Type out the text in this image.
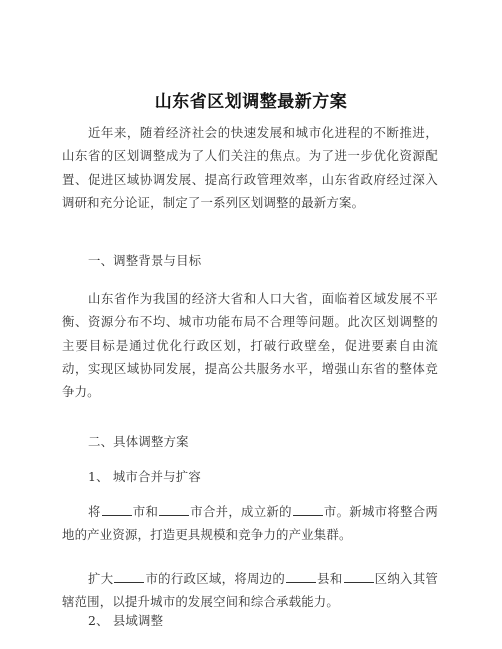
山东省区划调整最新方案

近年来，随着经济社会的快速发展和城市化进程的不断推进，山东省的区划调整成为了人们关注的焦点。为了进一步优化资源配置、促进区域协调发展、提高行政管理效率，山东省政府经过深入调研和充分论证，制定了一系列区划调整的最新方案。

一、调整背景与目标

山东省作为我国的经济大省和人口大省，面临着区域发展不平衡、资源分布不均、城市功能布局不合理等问题。此次区划调整的主要目标是通过优化行政区划，打破行政壁垒，促进要素自由流动，实现区域协同发展，提高公共服务水平，增强山东省的整体竞争力。

二、具体调整方案
1、 城市合并与扩容

将	市和	市合并，成立新的	市。新城市将整合两地的产业资源，打造更具规模和竞争力的产业集群。

扩大	市的行政区域，将周边的	县和	区纳入其管辖范围，以提升城市的发展空间和综合承载能力。

2、 县域调整
